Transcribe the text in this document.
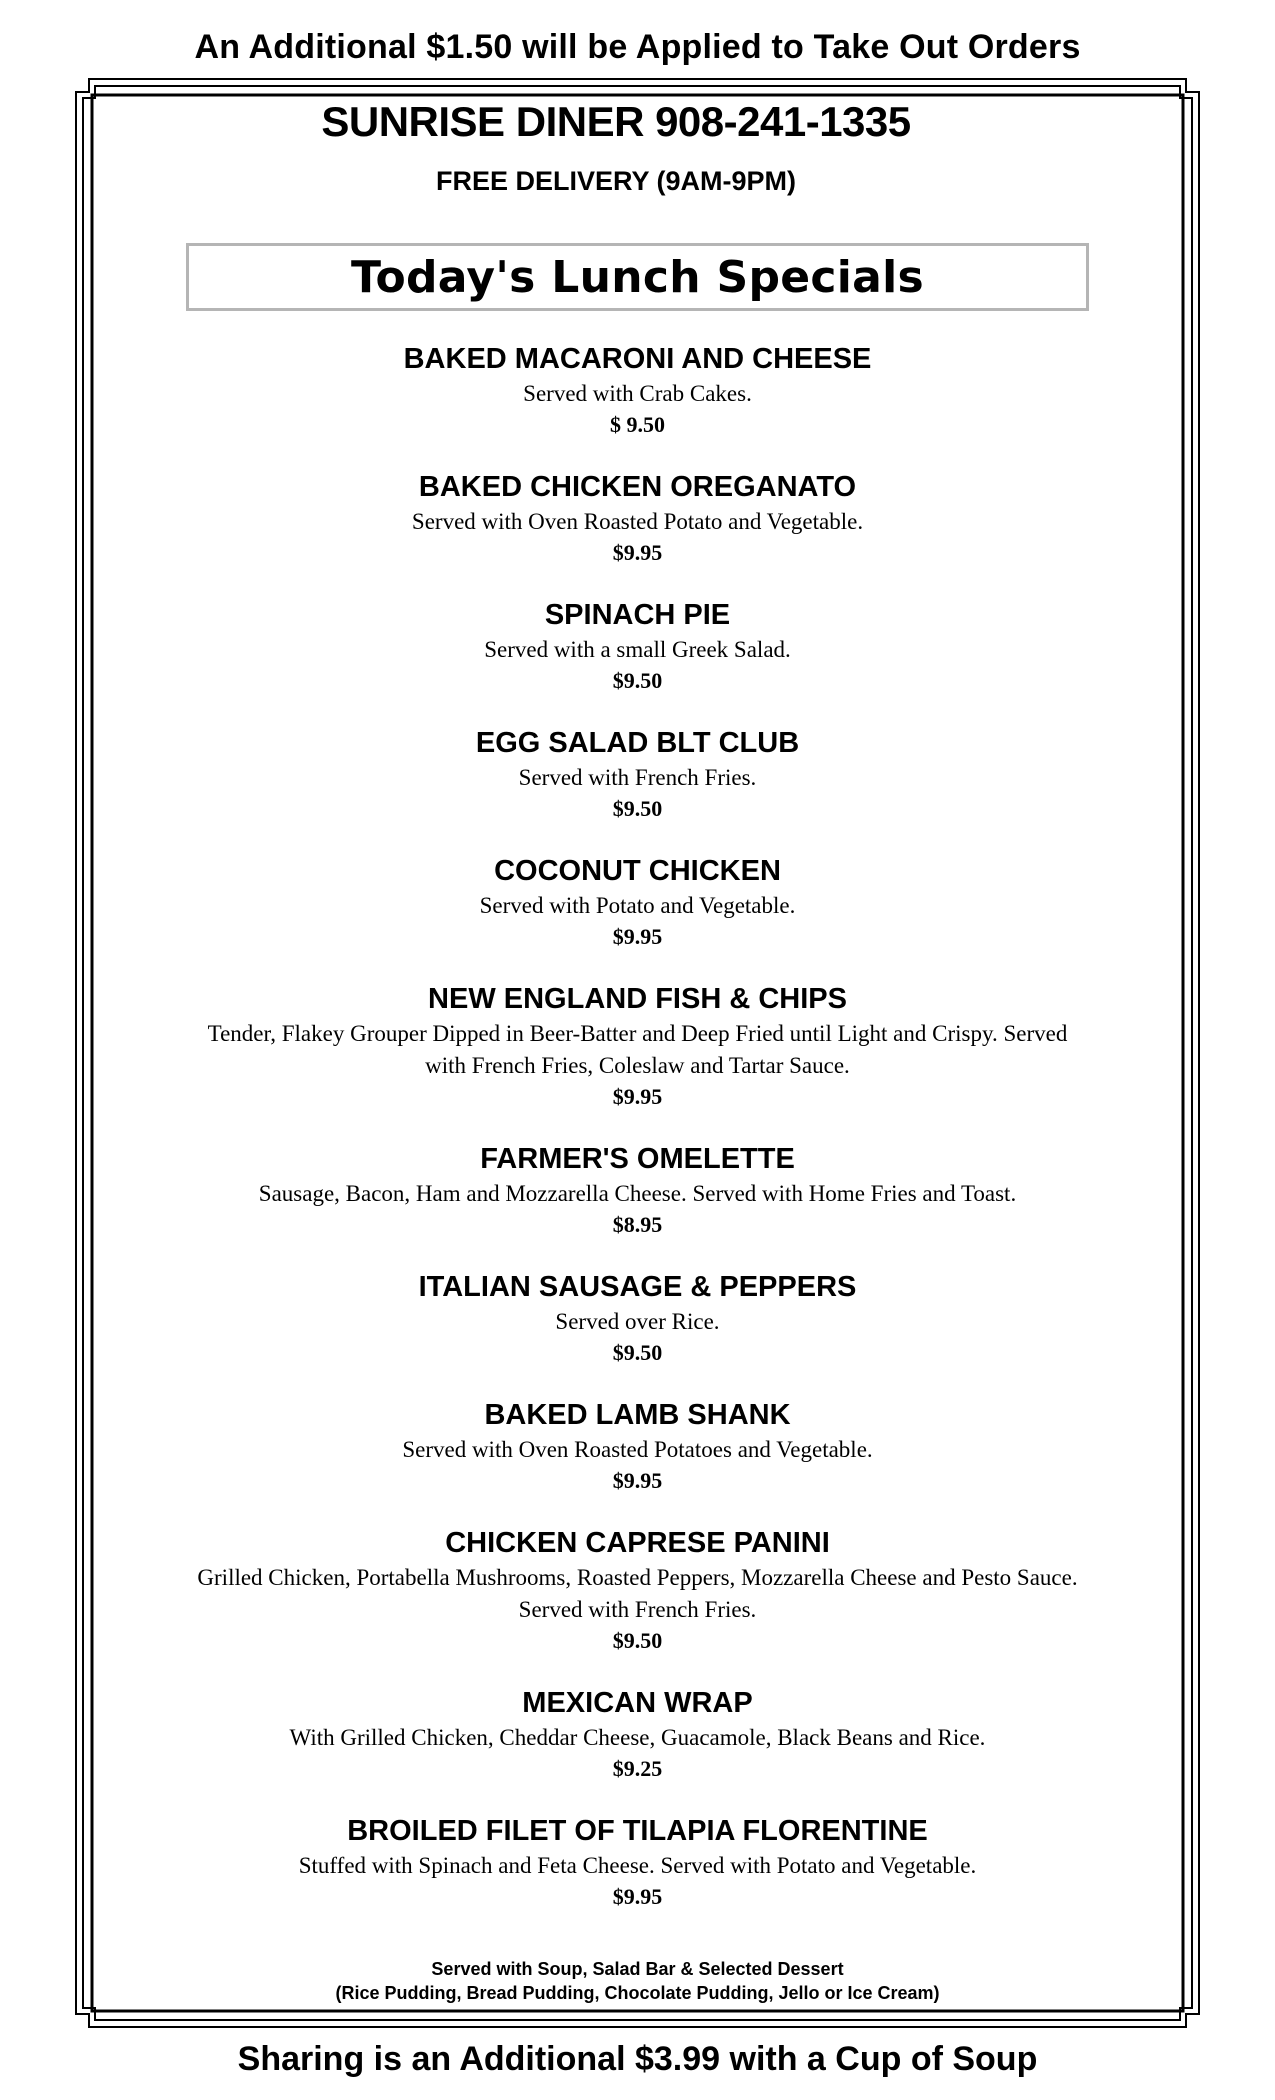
An Additional $1.50 will be Applied to Take Out Orders
SUNRISE DINER 908-241-1335
FREE DELIVERY (9AM-9PM)
Today's Lunch Specials
BAKED MACARONI AND CHEESE
Served with Crab Cakes.
$ 9.50
BAKED CHICKEN OREGANATO
Served with Oven Roasted Potato and Vegetable.
$9.95
SPINACH PIE
Served with a small Greek Salad.
$9.50
EGG SALAD BLT CLUB
Served with French Fries.
$9.50
COCONUT CHICKEN
Served with Potato and Vegetable.
$9.95
NEW ENGLAND FISH & CHIPS
Tender, Flakey Grouper Dipped in Beer-Batter and Deep Fried until Light and Crispy. Served with French Fries, Coleslaw and Tartar Sauce.
$9.95
FARMER'S OMELETTE
Sausage, Bacon, Ham and Mozzarella Cheese. Served with Home Fries and Toast.
$8.95
ITALIAN SAUSAGE & PEPPERS
Served over Rice.
$9.50
BAKED LAMB SHANK
Served with Oven Roasted Potatoes and Vegetable.
$9.95
CHICKEN CAPRESE PANINI
Grilled Chicken, Portabella Mushrooms, Roasted Peppers, Mozzarella Cheese and Pesto Sauce. Served with French Fries.
$9.50
MEXICAN WRAP
With Grilled Chicken, Cheddar Cheese, Guacamole, Black Beans and Rice.
$9.25
BROILED FILET OF TILAPIA FLORENTINE
Stuffed with Spinach and Feta Cheese. Served with Potato and Vegetable.
$9.95
Served with Soup, Salad Bar & Selected Dessert
(Rice Pudding, Bread Pudding, Chocolate Pudding, Jello or Ice Cream)
Sharing is an Additional $3.99 with a Cup of Soup
